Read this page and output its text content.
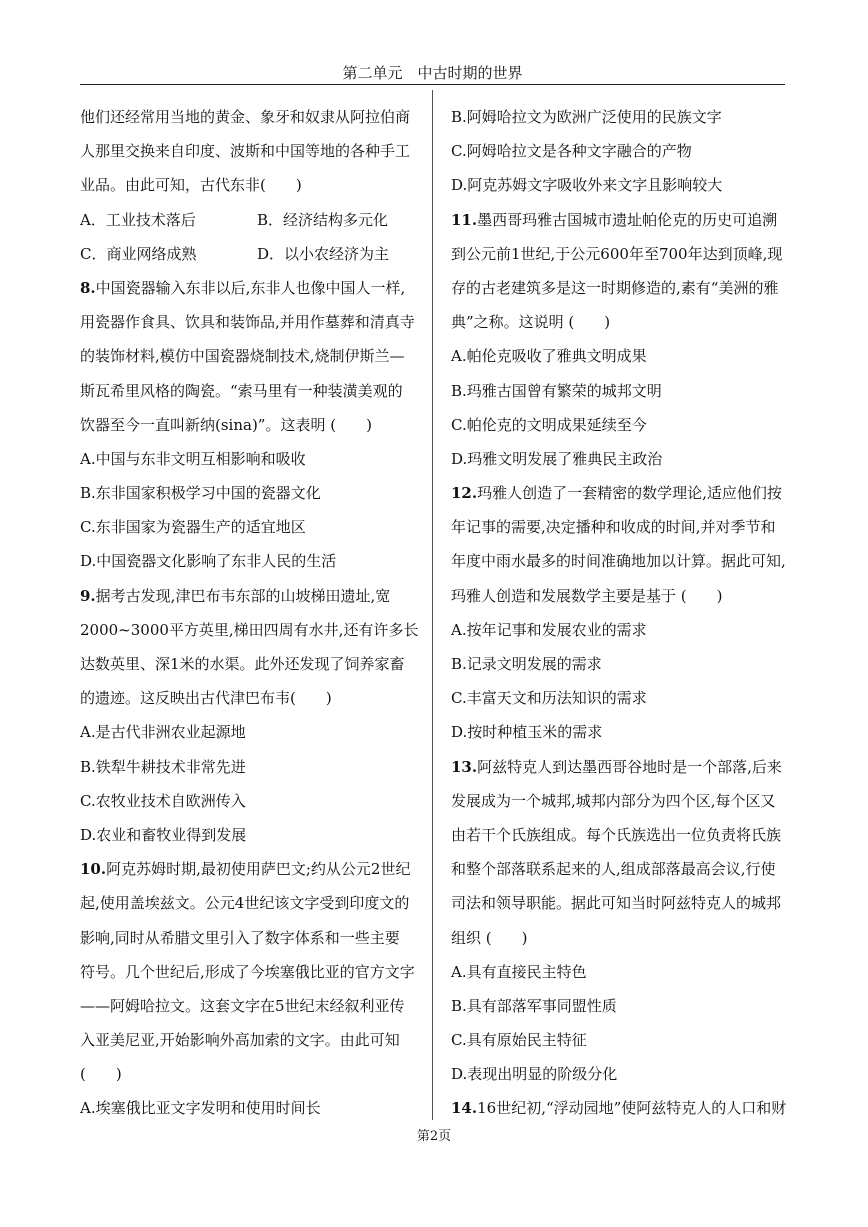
第二单元　中古时期的世界
他们还经常用当地的黄金、象牙和奴隶从阿拉伯商
人那里交换来自印度、波斯和中国等地的各种手工
业品。由此可知，古代东非(　　)
A．工业技术落后	B．经济结构多元化
C．商业网络成熟	D．以小农经济为主
8.中国瓷器输入东非以后,东非人也像中国人一样,
用瓷器作食具、饮具和装饰品,并用作墓葬和清真寺
的装饰材料,模仿中国瓷器烧制技术,烧制伊斯兰—
斯瓦希里风格的陶瓷。“索马里有一种装潢美观的
饮器至今一直叫新纳(sina)”。这表明 (　　)
A.中国与东非文明互相影响和吸收
B.东非国家积极学习中国的瓷器文化
C.东非国家为瓷器生产的适宜地区
D.中国瓷器文化影响了东非人民的生活
9.据考古发现,津巴布韦东部的山坡梯田遗址,宽
2000~3000平方英里,梯田四周有水井,还有许多长
达数英里、深1米的水渠。此外还发现了饲养家畜
的遗迹。这反映出古代津巴布韦(　　)
A.是古代非洲农业起源地
B.铁犁牛耕技术非常先进
C.农牧业技术自欧洲传入
D.农业和畜牧业得到发展
10.阿克苏姆时期,最初使用萨巴文;约从公元2世纪
起,使用盖埃兹文。公元4世纪该文字受到印度文的
影响,同时从希腊文里引入了数字体系和一些主要
符号。几个世纪后,形成了今埃塞俄比亚的官方文字
——阿姆哈拉文。这套文字在5世纪末经叙利亚传
入亚美尼亚,开始影响外高加索的文字。由此可知
(　　)
A.埃塞俄比亚文字发明和使用时间长
B.阿姆哈拉文为欧洲广泛使用的民族文字
C.阿姆哈拉文是各种文字融合的产物
D.阿克苏姆文字吸收外来文字且影响较大
11.墨西哥玛雅古国城市遗址帕伦克的历史可追溯
到公元前1世纪,于公元600年至700年达到顶峰,现
存的古老建筑多是这一时期修造的,素有“美洲的雅
典”之称。这说明 (　　)
A.帕伦克吸收了雅典文明成果
B.玛雅古国曾有繁荣的城邦文明
C.帕伦克的文明成果延续至今
D.玛雅文明发展了雅典民主政治
12.玛雅人创造了一套精密的数学理论,适应他们按
年记事的需要,决定播种和收成的时间,并对季节和
年度中雨水最多的时间准确地加以计算。据此可知,
玛雅人创造和发展数学主要是基于 (　　)
A.按年记事和发展农业的需求
B.记录文明发展的需求
C.丰富天文和历法知识的需求
D.按时种植玉米的需求
13.阿兹特克人到达墨西哥谷地时是一个部落,后来
发展成为一个城邦,城邦内部分为四个区,每个区又
由若干个氏族组成。每个氏族选出一位负责将氏族
和整个部落联系起来的人,组成部落最高会议,行使
司法和领导职能。据此可知当时阿兹特克人的城邦
组织 (　　)
A.具有直接民主特色
B.具有部落军事同盟性质
C.具有原始民主特征
D.表现出明显的阶级分化
14.16世纪初,“浮动园地”使阿兹特克人的人口和财
第2页
